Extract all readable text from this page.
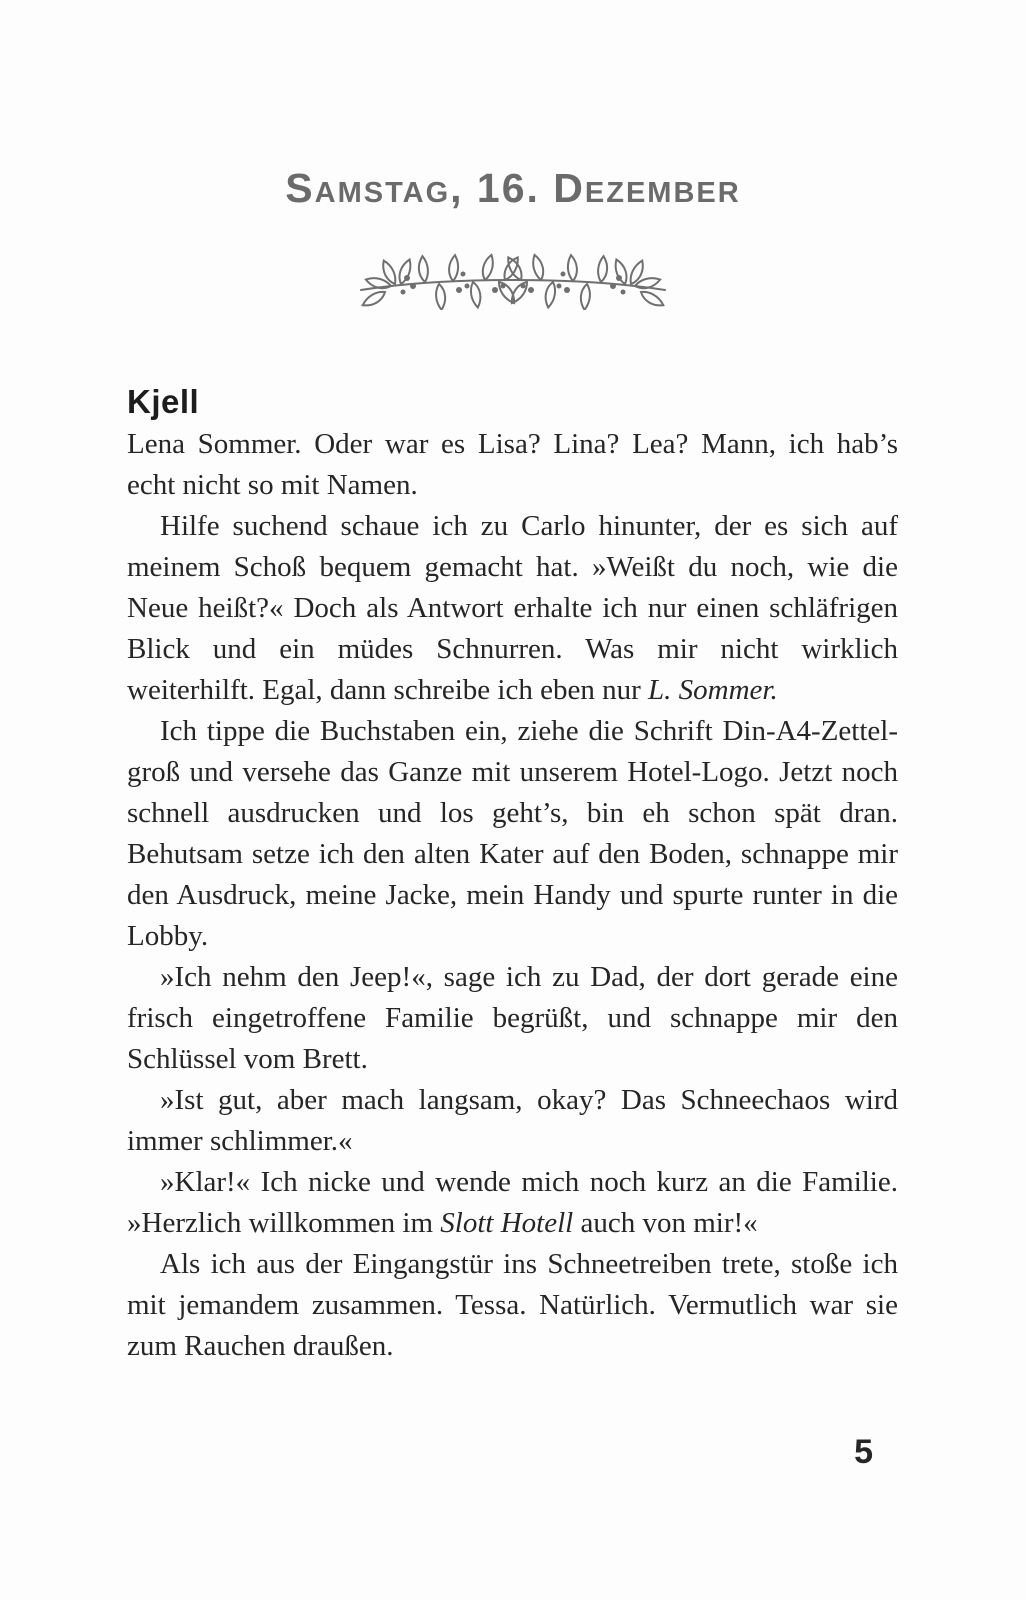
Samstag, 16. Dezember
Kjell

Lena Sommer. Oder war es Lisa? Lina? Lea? Mann, ich hab’s echt nicht so mit Namen.

Hilfe suchend schaue ich zu Carlo hinunter, der es sich auf meinem Schoß bequem gemacht hat. »Weißt du noch, wie die Neue heißt?« Doch als Antwort erhalte ich nur einen schläfrigen Blick und ein müdes Schnurren. Was mir nicht wirklich weiterhilft. Egal, dann schreibe ich eben nur L. Sommer.

Ich tippe die Buchstaben ein, ziehe die Schrift Din-A4-Zettel-groß und versehe das Ganze mit unserem Hotel-Logo. Jetzt noch schnell ausdrucken und los geht’s, bin eh schon spät dran. Behutsam setze ich den alten Kater auf den Boden, schnappe mir den Ausdruck, meine Jacke, mein Handy und spurte runter in die Lobby.

»Ich nehm den Jeep!«, sage ich zu Dad, der dort gerade eine frisch eingetroffene Familie begrüßt, und schnappe mir den Schlüssel vom Brett.

»Ist gut, aber mach langsam, okay? Das Schneechaos wird immer schlimmer.«

»Klar!« Ich nicke und wende mich noch kurz an die Familie. »Herzlich willkommen im Slott Hotell auch von mir!«

Als ich aus der Eingangstür ins Schneetreiben trete, stoße ich mit jemandem zusammen. Tessa. Natürlich. Vermutlich war sie zum Rauchen draußen.

5
